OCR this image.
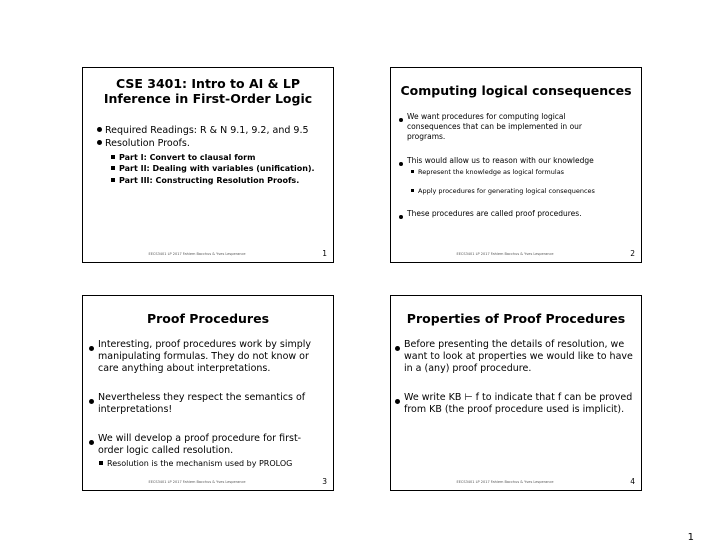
CSE 3401: Intro to AI & LP
Inference in First-Order Logic
Required Readings: R & N 9.1, 9.2, and 9.5
Resolution Proofs.
Part I: Convert to clausal form
Part II: Dealing with variables (unification).
Part III: Constructing Resolution Proofs.
EECS3401 LP 2017 Fahiem Bacchus & Yves Lesperance	1
Computing logical consequences
We want procedures for computing logical consequences that can be implemented in our programs.
This would allow us to reason with our knowledge
Represent the knowledge as logical formulas
Apply procedures for generating logical consequences
These procedures are called proof procedures.
EECS3401 LP 2017 Fahiem Bacchus & Yves Lesperance	2
Proof Procedures
Interesting, proof procedures work by simply manipulating formulas. They do not know or care anything about interpretations.
Nevertheless they respect the semantics of interpretations!
We will develop a proof procedure for first-order logic called resolution.
Resolution is the mechanism used by PROLOG
EECS3401 LP 2017 Fahiem Bacchus & Yves Lesperance	3
Properties of Proof Procedures
Before presenting the details of resolution, we want to look at properties we would like to have in a (any) proof procedure.
We write KB ⊢ f to indicate that f can be proved from KB (the proof procedure used is implicit).
EECS3401 LP 2017 Fahiem Bacchus & Yves Lesperance	4
1
